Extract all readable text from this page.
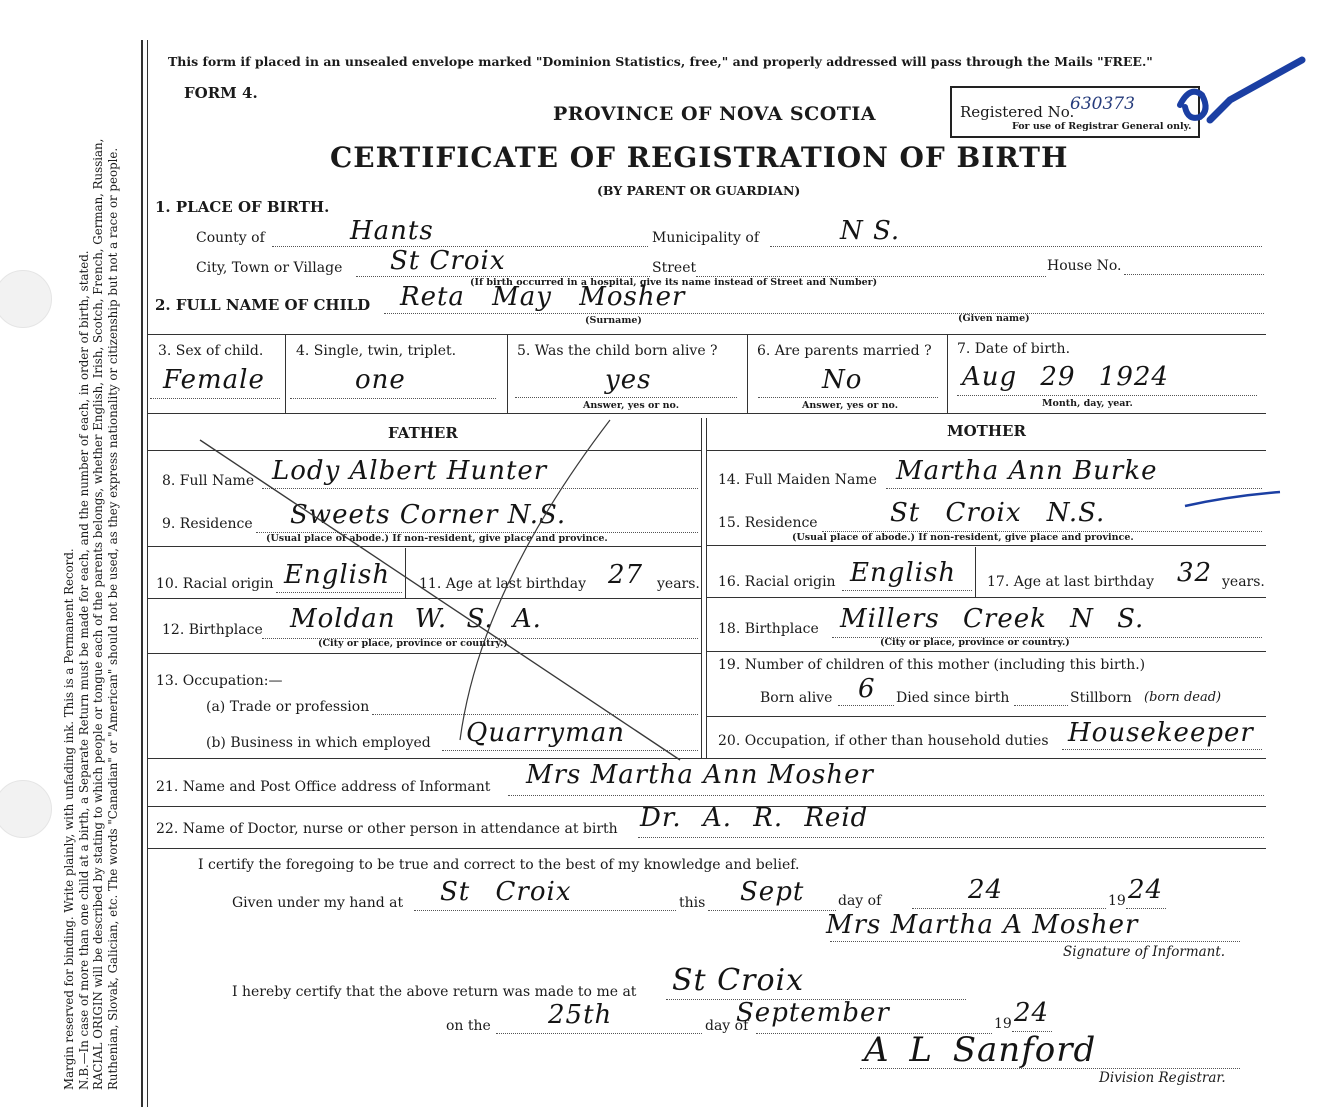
Margin reserved for binding. Write plainly, with unfading ink. This is a Permanent Record. N.B.—In case of more than one child at a birth, a Separate Return must be made for each, and the number of each, in order of birth, stated. RACIAL ORIGIN will be described by stating to which people or tongue each of the parents belongs, whether English, Irish, Scotch, French, German, Russian, Ruthenian, Slovak, Galician, etc. The words "Canadian" or "American" should not be used, as they express nationality or citizenship but not a race or people.
This form if placed in an unsealed envelope marked "Dominion Statistics, free," and properly addressed will pass through the Mails "FREE."
FORM 4.
PROVINCE OF NOVA SCOTIA
CERTIFICATE OF REGISTRATION OF BIRTH
(BY PARENT OR GUARDIAN)
Registered No.
630373
For use of Registrar General only.
1. PLACE OF BIRTH.
County of	Hants	Municipality of	N S.
City, Town or Village St Croix	Street	House No.
(If birth occurred in a hospital, give its name instead of Street and Number)
2. FULL NAME OF CHILD Reta May Mosher
(Surname)	(Given name)
3. Sex of child.
Female
4. Single, twin, triplet.
one
5. Was the child born alive ?
yes
Answer, yes or no.
6. Are parents married ?
No
Answer, yes or no.
7. Date of birth.
Aug 29 1924
Month, day, year.
FATHER	MOTHER
8. Full Name Lody Albert Hunter
9. Residence Sweets Corner N.S.
(Usual place of abode.) If non-resident, give place and province.
10. Racial origin English 11. Age at last birthday 27 years.
12. Birthplace Moldan W. S. A.
(City or place, province or country.)
13. Occupation:—
(a) Trade or profession
(b) Business in which employed Quarryman
14. Full Maiden Name Martha Ann Burke
15. Residence	St Croix N.S.
(Usual place of abode.) If non-resident, give place and province.
16. Racial origin English 17. Age at last birthday 32 years.
18. Birthplace Millers Creek N S.
(City or place, province or country.)
19. Number of children of this mother (including this birth.)
Born alive 6 Died since birth	Stillborn (born dead)
20. Occupation, if other than household duties Housekeeper
21. Name and Post Office address of Informant Mrs Martha Ann Mosher
22. Name of Doctor, nurse or other person in attendance at birth Dr. A. R. Reid
I certify the foregoing to be true and correct to the best of my knowledge and belief.
Given under my hand at St Croix	this Sept day of	24	19 24
Mrs Martha A Mosher
Signature of Informant.
I hereby certify that the above return was made to me at St Croix
on the 25th	day of
September	19 24
A L Sanford
Division Registrar.
